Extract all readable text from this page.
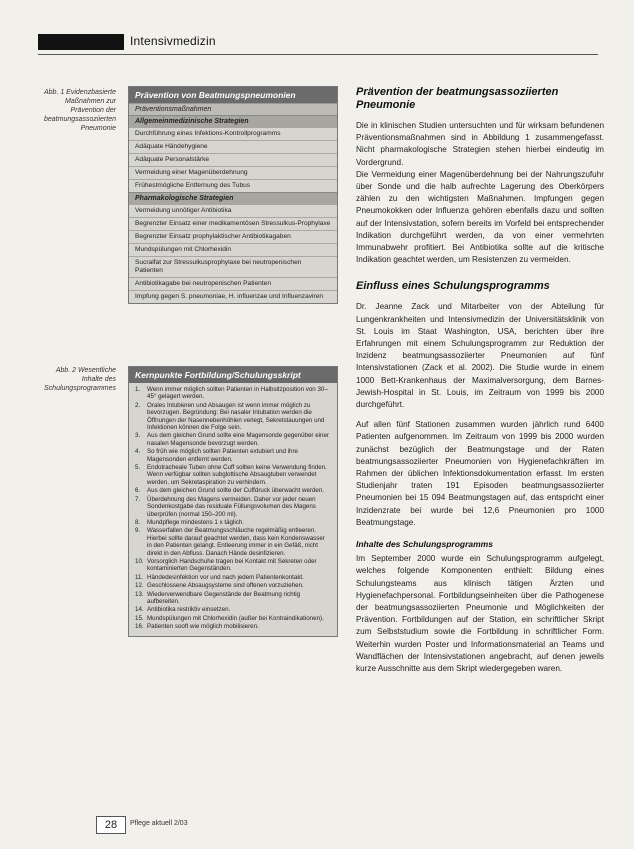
Intensivmedizin
Abb. 1 Evidenzbasierte Maßnahmen zur Prävention der beatmungsassoziierten Pneumonie
Abb. 2 Wesentliche Inhalte des Schulungsprogrammes
Prävention von Beatmungspneumonien
Präventionsmaßnahmen
Allgemeinmedizinische Strategien
Durchführung eines Infektions-Kontrollprogramms
Adäquate Händehygiene
Adäquate Personalstärke
Vermeidung einer Magenüberdehnung
Frühestmögliche Entfernung des Tubus
Pharmakologische Strategien
Vermeidung unnötiger Antibiotika
Begrenzter Einsatz einer medikamentösen Stressulkus-Prophylaxe
Begrenzter Einsatz prophylaktischer Antibiotikagaben
Mundspülungen mit Chlorhexidin
Sucralfat zur Stressulkusprophylaxe bei neutropenischen Patienten
Antibiotikagabe bei neutropenischen Patienten
Impfung gegen S. pneumoniae, H. influenzae und Influenzaviren
Kernpunkte Fortbildung/Schulungsskript
1.	Wenn immer möglich sollten Patienten in Halbsitzposition von 30–45° gelagert werden.
2.	Orales Intubieren und Absaugen ist wenn immer möglich zu bevorzugen. Begründung: Bei nasaler Intubation werden die Öffnungen der Nasennebenhöhlen verlegt, Sekretstauungen und Infektionen können die Folge sein.
3.	Aus dem gleichen Grund sollte eine Magensonde gegenüber einer nasalen Magensonde bevorzugt werden.
4.	So früh wie möglich sollten Patienten extubiert und ihre Magensonden entfernt werden.
5.	Endotracheale Tuben ohne Cuff sollten keine Verwendung finden. Wenn verfügbar sollten subglottische Absaugtuben verwendet werden, um Sekretaspiration zu verhindern.
6.	Aus dem gleichen Grund sollte der Cuffdruck überwacht werden.
7.	Überdehnung des Magens vermeiden. Daher vor jeder neuen Sondenkostgabe das residuale Füllungsvolumen des Magens überprüfen (normal 150–200 ml).
8.	Mundpflege mindestens 1 x täglich.
9.	Wasserfallen der Beatmungsschläuche regelmäßig entleeren. Hierbei sollte darauf geachtet werden, dass kein Kondenswasser in den Patienten gelangt. Entleerung immer in ein Gefäß, nicht direkt in den Abfluss. Danach Hände desinfizieren.
10. Vorsorglich Handschuhe tragen bei Kontakt mit Sekreten oder kontaminierten Gegenständen.
11. Händedesinfektion vor und nach jedem Patientenkontakt.
12. Geschlossene Absaugsysteme sind offenen vorzuziehen.
13. Wiederverwendbare Gegenstände der Beatmung richtig aufbereiten.
14. Antibiotika restriktiv einsetzen.
15. Mundspülungen mit Chlorhexidin (außer bei Kontraindikationen).
16. Patienten sooft wie möglich mobilisieren.
Prävention der beatmungsassoziierten Pneumonie

Die in klinischen Studien untersuchten und für wirksam befundenen Präventionsmaßnahmen sind in Abbildung 1 zusammengefasst. Nicht pharmakologische Strategien stehen hierbei eindeutig im Vordergrund.

Die Vermeidung einer Magenüberdehnung bei der Nahrungszufuhr über Sonde und die halb aufrechte Lagerung des Oberkörpers zählen zu den wichtigsten Maßnahmen. Impfungen gegen Pneumokokken oder Influenza gehören ebenfalls dazu und sollten auf der Intensivstation, sofern bereits im Vorfeld bei entsprechender Indikation durchgeführt werden, da von einer vermehrten Immunabwehr profitiert. Bei Antibiotika sollte auf die kritische Indikation geachtet werden, um Resistenzen zu vermeiden.

Einfluss eines Schulungsprogramms

Dr. Jeanne Zack und Mitarbeiter von der Abteilung für Lungenkrankheiten und Intensivmedizin der Universitätsklinik von St. Louis im Staat Washington, USA, berichten über ihre Erfahrungen mit einem Schulungsprogramm zur Reduktion der Inzidenz beatmungsassoziierter Pneumonien auf fünf Intensivstationen (Zack et al. 2002). Die Studie wurde in einem 1000 Bett-Krankenhaus der Maximalversorgung, dem Barnes-Jewish-Hospital in St. Louis, im Zeitraum von 1999 bis 2000 durchgeführt.

Auf allen fünf Stationen zusammen wurden jährlich rund 6400 Patienten aufgenommen. Im Zeitraum von 1999 bis 2000 wurden zunächst bezüglich der Beatmungstage und der Raten beatmungsassoziierter Pneumonien von Hygienefachkräften im Rahmen der üblichen Infektionsdokumentation erfasst. Im ersten Studienjahr traten 191 Episoden beatmungsassoziierter Pneumonien bei 15 094 Beatmungstagen auf, das entspricht einer Inzidenzrate bei wurde bei 12,6 Pneumonien pro 1000 Beatmungstage.

Inhalte des Schulungsprogramms

Im September 2000 wurde ein Schulungsprogramm aufgelegt, welches folgende Komponenten enthielt: Bildung eines Schulungsteams aus klinisch tätigen Ärzten und Hygienefachpersonal. Fortbildungseinheiten über die Pathogenese der beatmungsassoziierten Pneumonie und Möglichkeiten der Prävention. Fortbildungen auf der Station, ein schriftlicher Skript zum Selbststudium sowie die Fortbildung in schriftlicher Form. Weiterhin wurden Poster und Informationsmaterial an Teams und Wandflächen der Intensivstationen angebracht, auf denen jeweils kurze Ausschnitte aus dem Skript wiedergegeben waren.

28	Pflege aktuell 2/03
